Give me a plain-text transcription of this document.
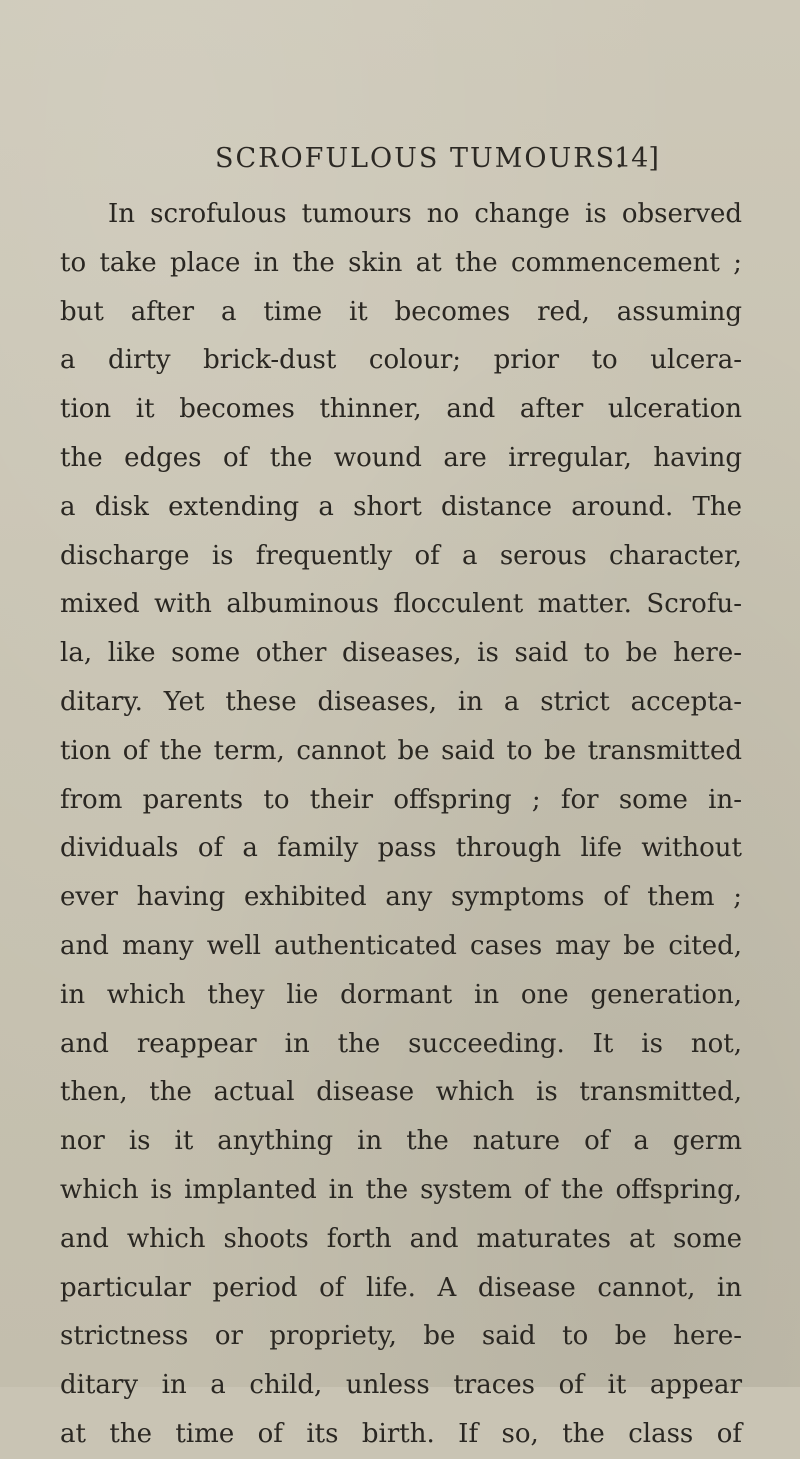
SCROFULOUS TUMOURS.
14]
In scrofulous tumours no change is observed
to take place in the skin at the commencement ;
but after a time it becomes red, assuming
a dirty brick-dust colour; prior to ulcera-
tion it becomes thinner, and after ulceration
the edges of the wound are irregular, having
a disk extending a short distance around. The
discharge is frequently of a serous character,
mixed with albuminous flocculent matter. Scrofu-
la, like some other diseases, is said to be here-
ditary. Yet these diseases, in a strict accepta-
tion of the term, cannot be said to be transmitted
from parents to their offspring ; for some in-
dividuals of a family pass through life without
ever having exhibited any symptoms of them ;
and many well authenticated cases may be cited,
in which they lie dormant in one generation,
and reappear in the succeeding. It is not,
then, the actual disease which is transmitted,
nor is it anything in the nature of a germ
which is implanted in the system of the offspring,
and which shoots forth and maturates at some
particular period of life. A disease cannot, in
strictness or propriety, be said to be here-
ditary in a child, unless traces of it appear
at the time of its birth. If so, the class of
